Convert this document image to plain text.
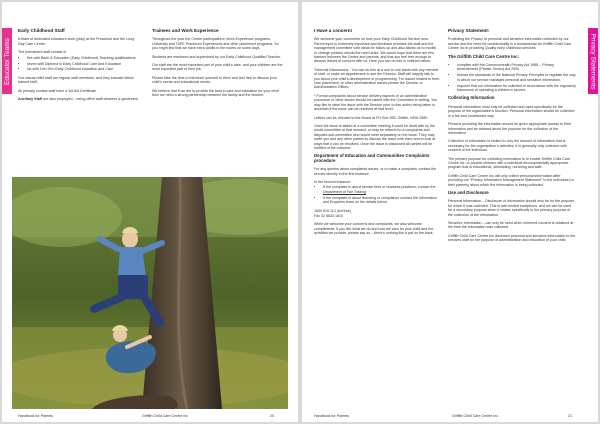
Educator Teams

Early Childhood Staff

A team of dedicated educators work (play) at the Preschool and the Long Day Care Centre.

The permanent staff consist of

• five with Bach & Education (Early Childhood) Teaching qualifications
• seven with Diploma in Early Childhood Care And Education
• six with Cert III in Early Childhood education and Care

Our casual relief staff are regular staff members, and they educate fellow trained staff.

All primary contact staff have a 1st Aid Certificate.

Ancillary Staff are also employed – being office staff cleaners & gardeners.

Trainees and Work Experience

Throughout the year the Centre participates in Work Experience programs, University and TAFE Practicum Experiences and other placement programs. So you might find that we have extra adults in the rooms on some days.

Students are mentored and supervised by our Early Childhood Qualified Teacher.

Our staff are the most important part of your child's care, and your children are the most important part of their job.

Please take the time to introduce yourself to them and feel free to discuss your child's needs and educational needs.

We believe that if we are to provide the best in care and education for your child then we need a strong partnership between the family and the teacher.

Handbook for Parents	Griffith Child Care Centre Inc	20
Privacy Statements

I Have a concern!

We welcome your comments on how your Early Childhood Service runs. Parent input is extremely important and feedback provides the staff and the management committee with ideas for follow-up and also allows us to modify or change policies should the need arise. We would hope that there are few barriers between the Centre and parents, and that you feel free enough to discuss issues of concern with us. Here you can do this in outlined below.

"Informal Discussions - You can do this at a one to one basis with any member of staff, or make an appointment to see the Director. Staff will happily talk to you about your child's development or programming. For issues related to fees, care placement, or other administrative issues please the Director or Administration Officer.

* Formal complaints about service delivery aspects of an administrative procedure or other issues should be raised with the Committee in writing. You may like to raise the issue with the Director prior to this action being taken to ascertain if the issue can be resolved at that level.

Letters can be directed to the Board at PO Box 395, Griffith, NSW 2680

Once the issue is tabled at a committee meeting it could be dealt with by the whole committee at that moment, or may be referred to a complaints and disputes sub-committee who would meet separately on the issue. They may invite you and any other parties to discuss the issue with them and to look at ways that it can be resolved. Once the issue is discussed all parties will be notified of the outcome.

Department of Education and Communities Complaints procedure

For any queries about complaints issues, or to make a complaint, contact the service directly in the first instance.

In the second instance:

• If the complaint is about service fees or business practices, contact the Department of Fair Trading
• If the complaint is about licensing or compliance contact the Information and Enquiries team on the details below:

1800 619 113 (toll free)

Fax 02 8633 1810

While we welcome your concerns and complaints, we also welcome compliments. If you like what we do and how we care for your child and the activities we provide, please say so – there's nothing like a pat on the back.

Privacy Statement:

Protecting the Privacy of personal and sensitive information collected by our service and the need for confidentiality is a fundamental for Griffith Child Care Centre Inc in providing Quality early childhood services.

The Griffith Child Care Centre Inc:

• complies with the Commonwealth Privacy Act 1988 – Privacy Amendments (Private Sector) Act 2000
• follows the standards of the National Privacy Principles to regulate the way in which our service manages personal and sensitive information.
• requires that our information be collected in accordance with the regulatory framework of operating a children's service.

Collecting Information

Personal information must only be collected and used specifically for the purpose of the organisation's function. Personal information should be collected in a fair and unobtrusive way.

Persons providing the information should be given appropriate access to their information and be advised about the purpose for the collection of the information.

Collection of information is limited to only the amount of information that is necessary for the organisation's activities. It is generally only collected with consent of the individual.

The primary purpose for collecting information is to enable Griffith Child Care Centre Inc. to provide children with a individual developmentally appropriate program that is educational, stimulating, nurturing and safe.

Griffith Child Care Centre Inc will only collect personal information after providing our "Privacy Information Management Statement" to the individual (or their parents) about which the information is being collected.

Use and Disclosure

Personal Information – Disclosure of information should only be for the purpose for which it was collected. This is with limited exceptions, and we can be used for a secondary purpose when it relates specifically to the primary purpose of the collection of the information.

Sensitive Information – can only be used when informed consent is obtained at the time the information was collected.

Griffith Child Care Centre Inc discloses personal and sensitive information to the services staff for the purpose of administration and education of your child.

Handbook for Parents	Griffith Child Care Centre Inc	21
